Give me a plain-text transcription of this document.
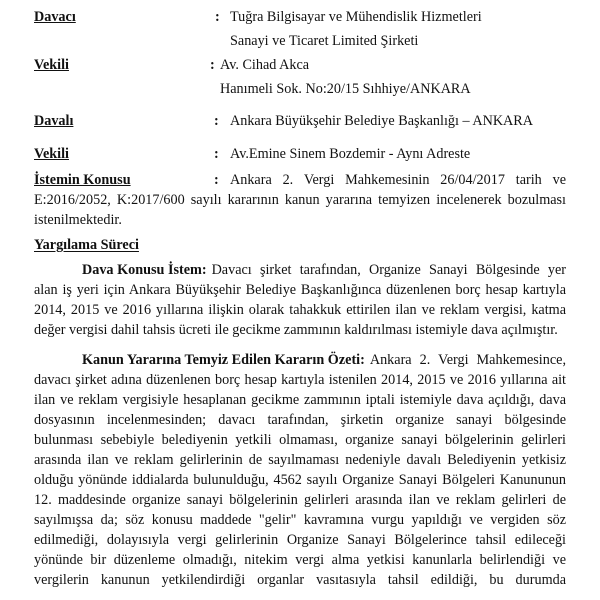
Davacı	: Tuğra Bilgisayar ve Mühendislik Hizmetleri
Sanayi ve Ticaret Limited Şirketi
Vekili	: Av. Cihad Akca
Hanımeli Sok. No:20/15 Sıhhiye/ANKARA
Davalı	: Ankara Büyükşehir Belediye Başkanlığı – ANKARA
Vekili	: Av.Emine Sinem Bozdemir - Aynı Adreste
İstemin Konusu	: Ankara 2. Vergi Mahkemesinin 26/04/2017 tarih ve
E:2016/2052, K:2017/600 sayılı kararının kanun yararına temyizen incelenerek bozulması
istenilmektedir.
Yargılama Süreci
Dava Konusu İstem: Davacı şirket tarafından, Organize Sanayi Bölgesinde yer
alan iş yeri için Ankara Büyükşehir Belediye Başkanlığınca düzenlenen borç hesap kartıyla
2014, 2015 ve 2016 yıllarına ilişkin olarak tahakkuk ettirilen ilan ve reklam vergisi, katma
değer vergisi dahil tahsis ücreti ile gecikme zammının kaldırılması istemiyle dava açılmıştır.
Kanun Yararına Temyiz Edilen Kararın Özeti: Ankara 2. Vergi Mahkemesince,
davacı şirket adına düzenlenen borç hesap kartıyla istenilen 2014, 2015 ve 2016 yıllarına ait
ilan ve reklam vergisiyle hesaplanan gecikme zammının iptali istemiyle dava açıldığı, dava
dosyasının incelenmesinden; davacı tarafından, şirketin organize sanayi bölgesinde
bulunması sebebiyle belediyenin yetkili olmaması, organize sanayi bölgelerinin gelirleri
arasında ilan ve reklam gelirlerinin de sayılmaması nedeniyle davalı Belediyenin yetkisiz
olduğu yönünde iddialarda bulunulduğu, 4562 sayılı Organize Sanayi Bölgeleri Kanununun
12. maddesinde organize sanayi bölgelerinin gelirleri arasında ilan ve reklam gelirleri de
sayılmışsa da; söz konusu maddede "gelir" kavramına vurgu yapıldığı ve vergiden söz
edilmediği, dolayısıyla vergi gelirlerinin Organize Sanayi Bölgelerince tahsil edileceği
yönünde bir düzenleme olmadığı, nitekim vergi alma yetkisi kanunlarla belirlendiği ve
vergilerin kanunun yetkilendirdiği organlar vasıtasıyla tahsil edildiği, bu durumda
